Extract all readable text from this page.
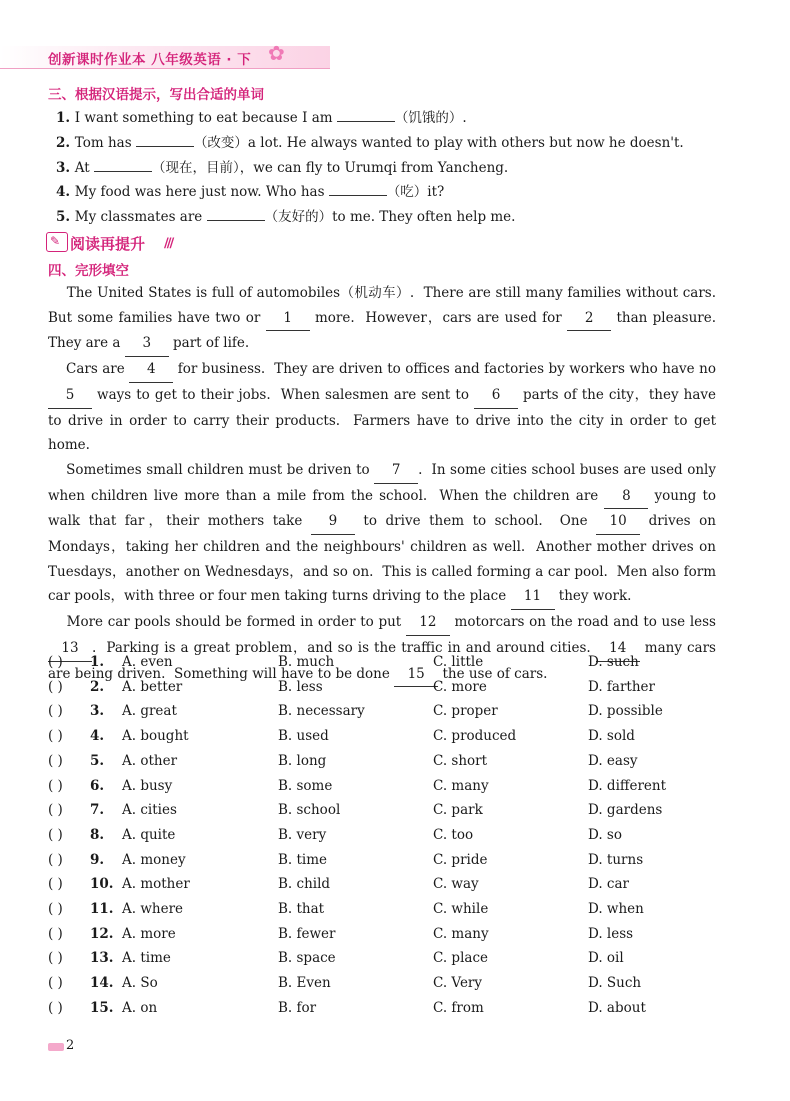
创新课时作业本 八年级英语 · 下 ✿
三、根据汉语提示，写出合适的单词
1. I want something to eat because I am	（饥饿的）.
2. Tom has	（改变）a lot. He always wanted to play with others but now he doesn't.
3. At	（现在，目前），we can fly to Urumqi from Yancheng.
4. My food was here just now. Who has	（吃）it?
5. My classmates are	（友好的）to me. They often help me.
✎ 阅读再提升 ///
四、完形填空

The United States is full of automobiles（机动车）.  There are still many families without cars.  But some families have two or 1 more.  However，cars are used for 2 than pleasure.  They are a 3 part of life.

Cars are 4 for business.  They are driven to offices and factories by workers who have no 5 ways to get to their jobs.  When salesmen are sent to 6 parts of the city，they have to drive in order to carry their products.  Farmers have to drive into the city in order to get home.

Sometimes small children must be driven to 7 .  In some cities school buses are used only when children live more than a mile from the school.  When the children are 8 young to walk that far，their mothers take 9 to drive them to school.  One 10 drives on Mondays，taking her children and the neighbours' children as well.  Another mother drives on Tuesdays，another on Wednesdays，and so on.  This is called forming a car pool.  Men also form car pools，with three or four men taking turns driving to the place 11 they work.

More car pools should be formed in order to put 12 motorcars on the road and to use less 13 .  Parking is a great problem，and so is the traffic in and around cities. 14 many cars are being driven.  Something will have to be done 15 the use of cars.

( ) 1. A. even	B. much	C. little	D. such
( ) 2. A. better	B. less	C. more	D. farther
( ) 3. A. great	B. necessary	C. proper	D. possible
( ) 4. A. bought	B. used	C. produced	D. sold
( ) 5. A. other	B. long	C. short	D. easy
( ) 6. A. busy	B. some	C. many	D. different
( ) 7. A. cities	B. school	C. park	D. gardens
( ) 8. A. quite	B. very	C. too	D. so
( ) 9. A. money	B. time	C. pride	D. turns
( ) 10. A. mother	B. child	C. way	D. car
( ) 11. A. where	B. that	C. while	D. when
( ) 12. A. more	B. fewer	C. many	D. less
( ) 13. A. time	B. space	C. place	D. oil
( ) 14. A. So	B. Even	C. Very	D. Such
( ) 15. A. on	B. for	C. from	D. about
2
